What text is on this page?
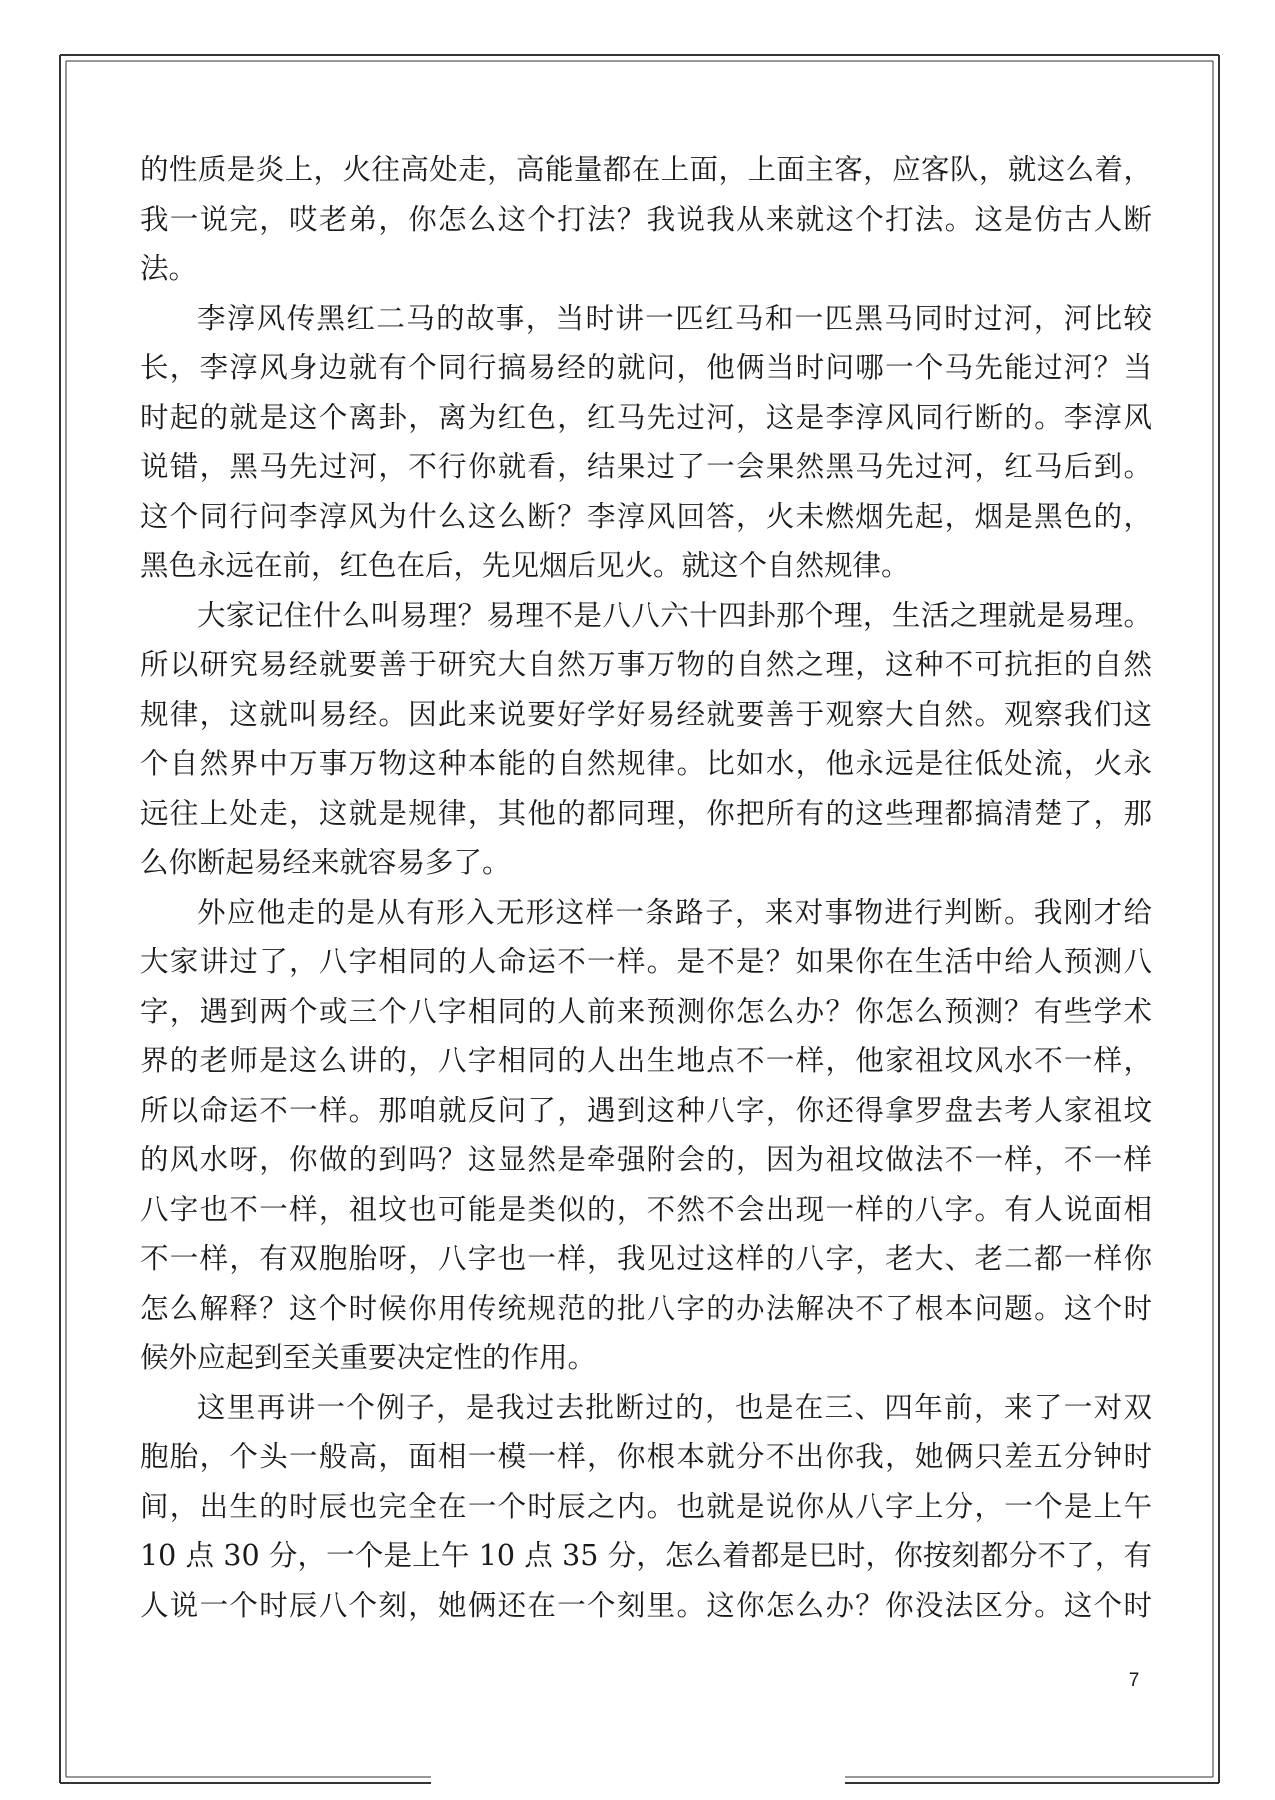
的性质是炎上，火往高处走，高能量都在上面，上面主客，应客队，就这么着，
我一说完，哎老弟，你怎么这个打法？我说我从来就这个打法。这是仿古人断
法。
李淳风传黑红二马的故事，当时讲一匹红马和一匹黑马同时过河，河比较
长，李淳风身边就有个同行搞易经的就问，他俩当时问哪一个马先能过河？当
时起的就是这个离卦，离为红色，红马先过河，这是李淳风同行断的。李淳风
说错，黑马先过河，不行你就看，结果过了一会果然黑马先过河，红马后到。
这个同行问李淳风为什么这么断？李淳风回答，火未燃烟先起，烟是黑色的，
黑色永远在前，红色在后，先见烟后见火。就这个自然规律。
大家记住什么叫易理？易理不是八八六十四卦那个理，生活之理就是易理。
所以研究易经就要善于研究大自然万事万物的自然之理，这种不可抗拒的自然
规律，这就叫易经。因此来说要好学好易经就要善于观察大自然。观察我们这
个自然界中万事万物这种本能的自然规律。比如水，他永远是往低处流，火永
远往上处走，这就是规律，其他的都同理，你把所有的这些理都搞清楚了，那
么你断起易经来就容易多了。
外应他走的是从有形入无形这样一条路子，来对事物进行判断。我刚才给
大家讲过了，八字相同的人命运不一样。是不是？如果你在生活中给人预测八
字，遇到两个或三个八字相同的人前来预测你怎么办？你怎么预测？有些学术
界的老师是这么讲的，八字相同的人出生地点不一样，他家祖坟风水不一样，
所以命运不一样。那咱就反问了，遇到这种八字，你还得拿罗盘去考人家祖坟
的风水呀，你做的到吗？这显然是牵强附会的，因为祖坟做法不一样，不一样
八字也不一样，祖坟也可能是类似的，不然不会出现一样的八字。有人说面相
不一样，有双胞胎呀，八字也一样，我见过这样的八字，老大、老二都一样你
怎么解释？这个时候你用传统规范的批八字的办法解决不了根本问题。这个时
候外应起到至关重要决定性的作用。
这里再讲一个例子，是我过去批断过的，也是在三、四年前，来了一对双
胞胎，个头一般高，面相一模一样，你根本就分不出你我，她俩只差五分钟时
间，出生的时辰也完全在一个时辰之内。也就是说你从八字上分，一个是上午
10 点 30 分，一个是上午 10 点 35 分，怎么着都是巳时，你按刻都分不了，有
人说一个时辰八个刻，她俩还在一个刻里。这你怎么办？你没法区分。这个时
7
